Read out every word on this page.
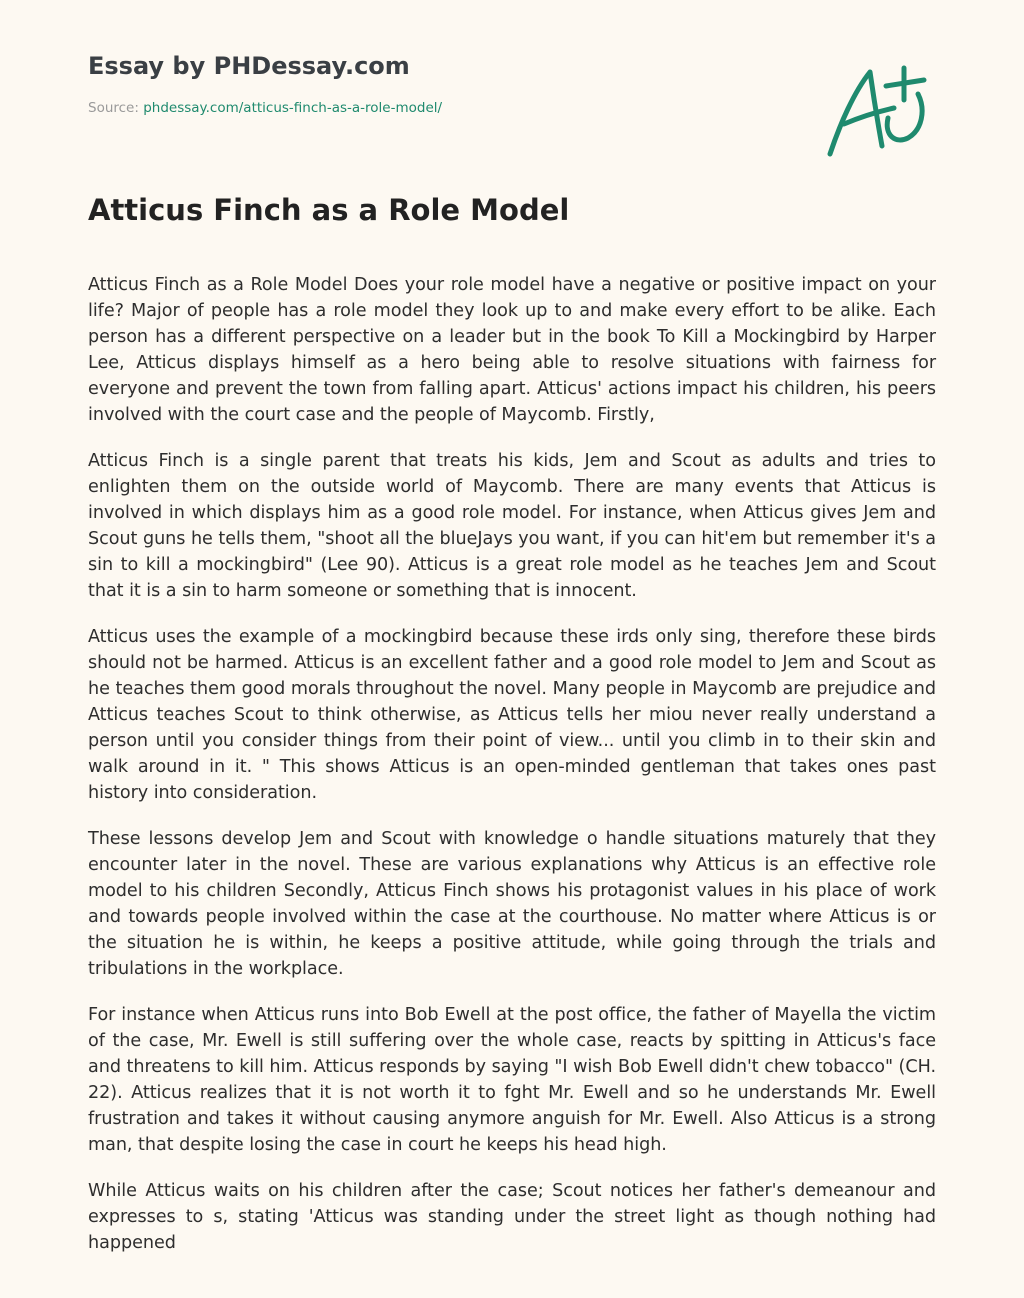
Essay by PHDessay.com
Source: phdessay.com/atticus-finch-as-a-role-model/
Atticus Finch as a Role Model

Atticus Finch as a Role Model Does your role model have a negative or positive impact on your life? Major of people has a role model they look up to and make every effort to be alike. Each person has a different perspective on a leader but in the book To Kill a Mockingbird by Harper Lee, Atticus displays himself as a hero being able to resolve situations with fairness for everyone and prevent the town from falling apart. Atticus' actions impact his children, his peers involved with the court case and the people of Maycomb. Firstly,

Atticus Finch is a single parent that treats his kids, Jem and Scout as adults and tries to enlighten them on the outside world of Maycomb. There are many events that Atticus is involved in which displays him as a good role model. For instance, when Atticus gives Jem and Scout guns he tells them, "shoot all the blueJays you want, if you can hit'em but remember it's a sin to kill a mockingbird" (Lee 90). Atticus is a great role model as he teaches Jem and Scout that it is a sin to harm someone or something that is innocent.

Atticus uses the example of a mockingbird because these irds only sing, therefore these birds should not be harmed. Atticus is an excellent father and a good role model to Jem and Scout as he teaches them good morals throughout the novel. Many people in Maycomb are prejudice and Atticus teaches Scout to think otherwise, as Atticus tells her miou never really understand a person until you consider things from their point of view... until you climb in to their skin and walk around in it. " This shows Atticus is an open-minded gentleman that takes ones past history into consideration.

These lessons develop Jem and Scout with knowledge o handle situations maturely that they encounter later in the novel. These are various explanations why Atticus is an effective role model to his children Secondly, Atticus Finch shows his protagonist values in his place of work and towards people involved within the case at the courthouse. No matter where Atticus is or the situation he is within, he keeps a positive attitude, while going through the trials and tribulations in the workplace.

For instance when Atticus runs into Bob Ewell at the post office, the father of Mayella the victim of the case, Mr. Ewell is still suffering over the whole case, reacts by spitting in Atticus's face and threatens to kill him. Atticus responds by saying "I wish Bob Ewell didn't chew tobacco" (CH. 22). Atticus realizes that it is not worth it to fght Mr. Ewell and so he understands Mr. Ewell frustration and takes it without causing anymore anguish for Mr. Ewell. Also Atticus is a strong man, that despite losing the case in court he keeps his head high.

While Atticus waits on his children after the case; Scout notices her father's demeanour and expresses to s, stating 'Atticus was standing under the street light as though nothing had happened
